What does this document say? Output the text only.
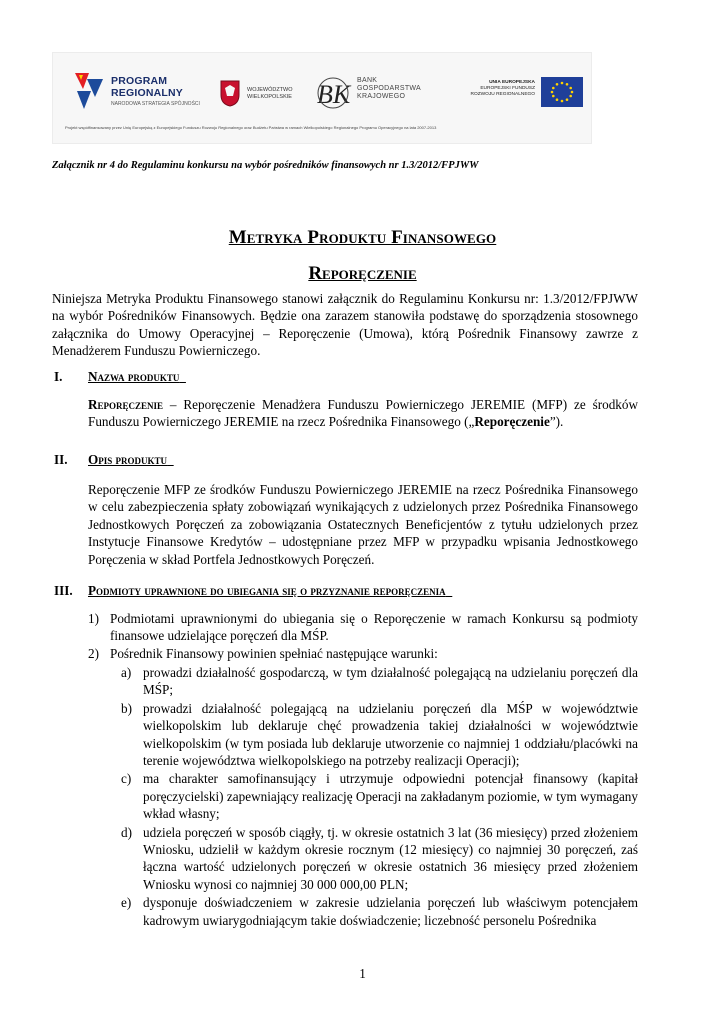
PROGRAM
REGIONALNY
NARODOWA STRATEGIA SPÓJNOŚCI
WOJEWÓDZTWO
WIELKOPOLSKIE BK BANK
GOSPODARSTWA
KRAJOWEGO
UNIA EUROPEJSKA
EUROPEJSKI FUNDUSZ
ROZWOJU REGIONALNEGO
Projekt współfinansowany przez Unię Europejską z Europejskiego Funduszu Rozwoju Regionalnego oraz Budżetu Państwa w ramach Wielkopolskiego Regionalnego Programu Operacyjnego na lata 2007-2013
Załącznik nr 4 do Regulaminu konkursu na wybór pośredników finansowych nr 1.3/2012/FPJWW
Metryka Produktu Finansowego
Reporęczenie
Niniejsza Metryka Produktu Finansowego stanowi załącznik do Regulaminu Konkursu nr: 1.3/2012/FPJWW na wybór Pośredników Finansowych. Będzie ona zarazem stanowiła podstawę do sporządzenia stosownego załącznika do Umowy Operacyjnej – Reporęczenie (Umowa), którą Pośrednik Finansowy zawrze z Menadżerem Funduszu Powierniczego.
I. Nazwa produktu
Reporęczenie – Reporęczenie Menadżera Funduszu Powierniczego JEREMIE (MFP) ze środków Funduszu Powierniczego JEREMIE na rzecz Pośrednika Finansowego („Reporęczenie”).
II. Opis produktu
Reporęczenie MFP ze środków Funduszu Powierniczego JEREMIE na rzecz Pośrednika Finansowego w celu zabezpieczenia spłaty zobowiązań wynikających z udzielonych przez Pośrednika Finansowego Jednostkowych Poręczeń za zobowiązania Ostatecznych Beneficjentów z tytułu udzielonych przez Instytucje Finansowe Kredytów – udostępniane przez MFP w przypadku wpisania Jednostkowego Poręczenia w skład Portfela Jednostkowych Poręczeń.
III. Podmioty uprawnione do ubiegania się o przyznanie reporęczenia
1) Podmiotami uprawnionymi do ubiegania się o Reporęczenie w ramach Konkursu są podmioty finansowe udzielające poręczeń dla MŚP.
2) Pośrednik Finansowy powinien spełniać następujące warunki:
a) prowadzi działalność gospodarczą, w tym działalność polegającą na udzielaniu poręczeń dla MŚP;
b) prowadzi działalność polegającą na udzielaniu poręczeń dla MŚP w województwie wielkopolskim lub deklaruje chęć prowadzenia takiej działalności w województwie wielkopolskim (w tym posiada lub deklaruje utworzenie co najmniej 1 oddziału/placówki na terenie województwa wielkopolskiego na potrzeby realizacji Operacji);
c) ma charakter samofinansujący i utrzymuje odpowiedni potencjał finansowy (kapitał poręczycielski) zapewniający realizację Operacji na zakładanym poziomie, w tym wymagany wkład własny;
d) udziela poręczeń w sposób ciągły, tj. w okresie ostatnich 3 lat (36 miesięcy) przed złożeniem Wniosku, udzielił w każdym okresie rocznym (12 miesięcy) co najmniej 30 poręczeń, zaś łączna wartość udzielonych poręczeń w okresie ostatnich 36 miesięcy przed złożeniem Wniosku wynosi co najmniej 30 000 000,00 PLN;
e) dysponuje doświadczeniem w zakresie udzielania poręczeń lub właściwym potencjałem kadrowym uwiarygodniającym takie doświadczenie; liczebność personelu Pośrednika
1
